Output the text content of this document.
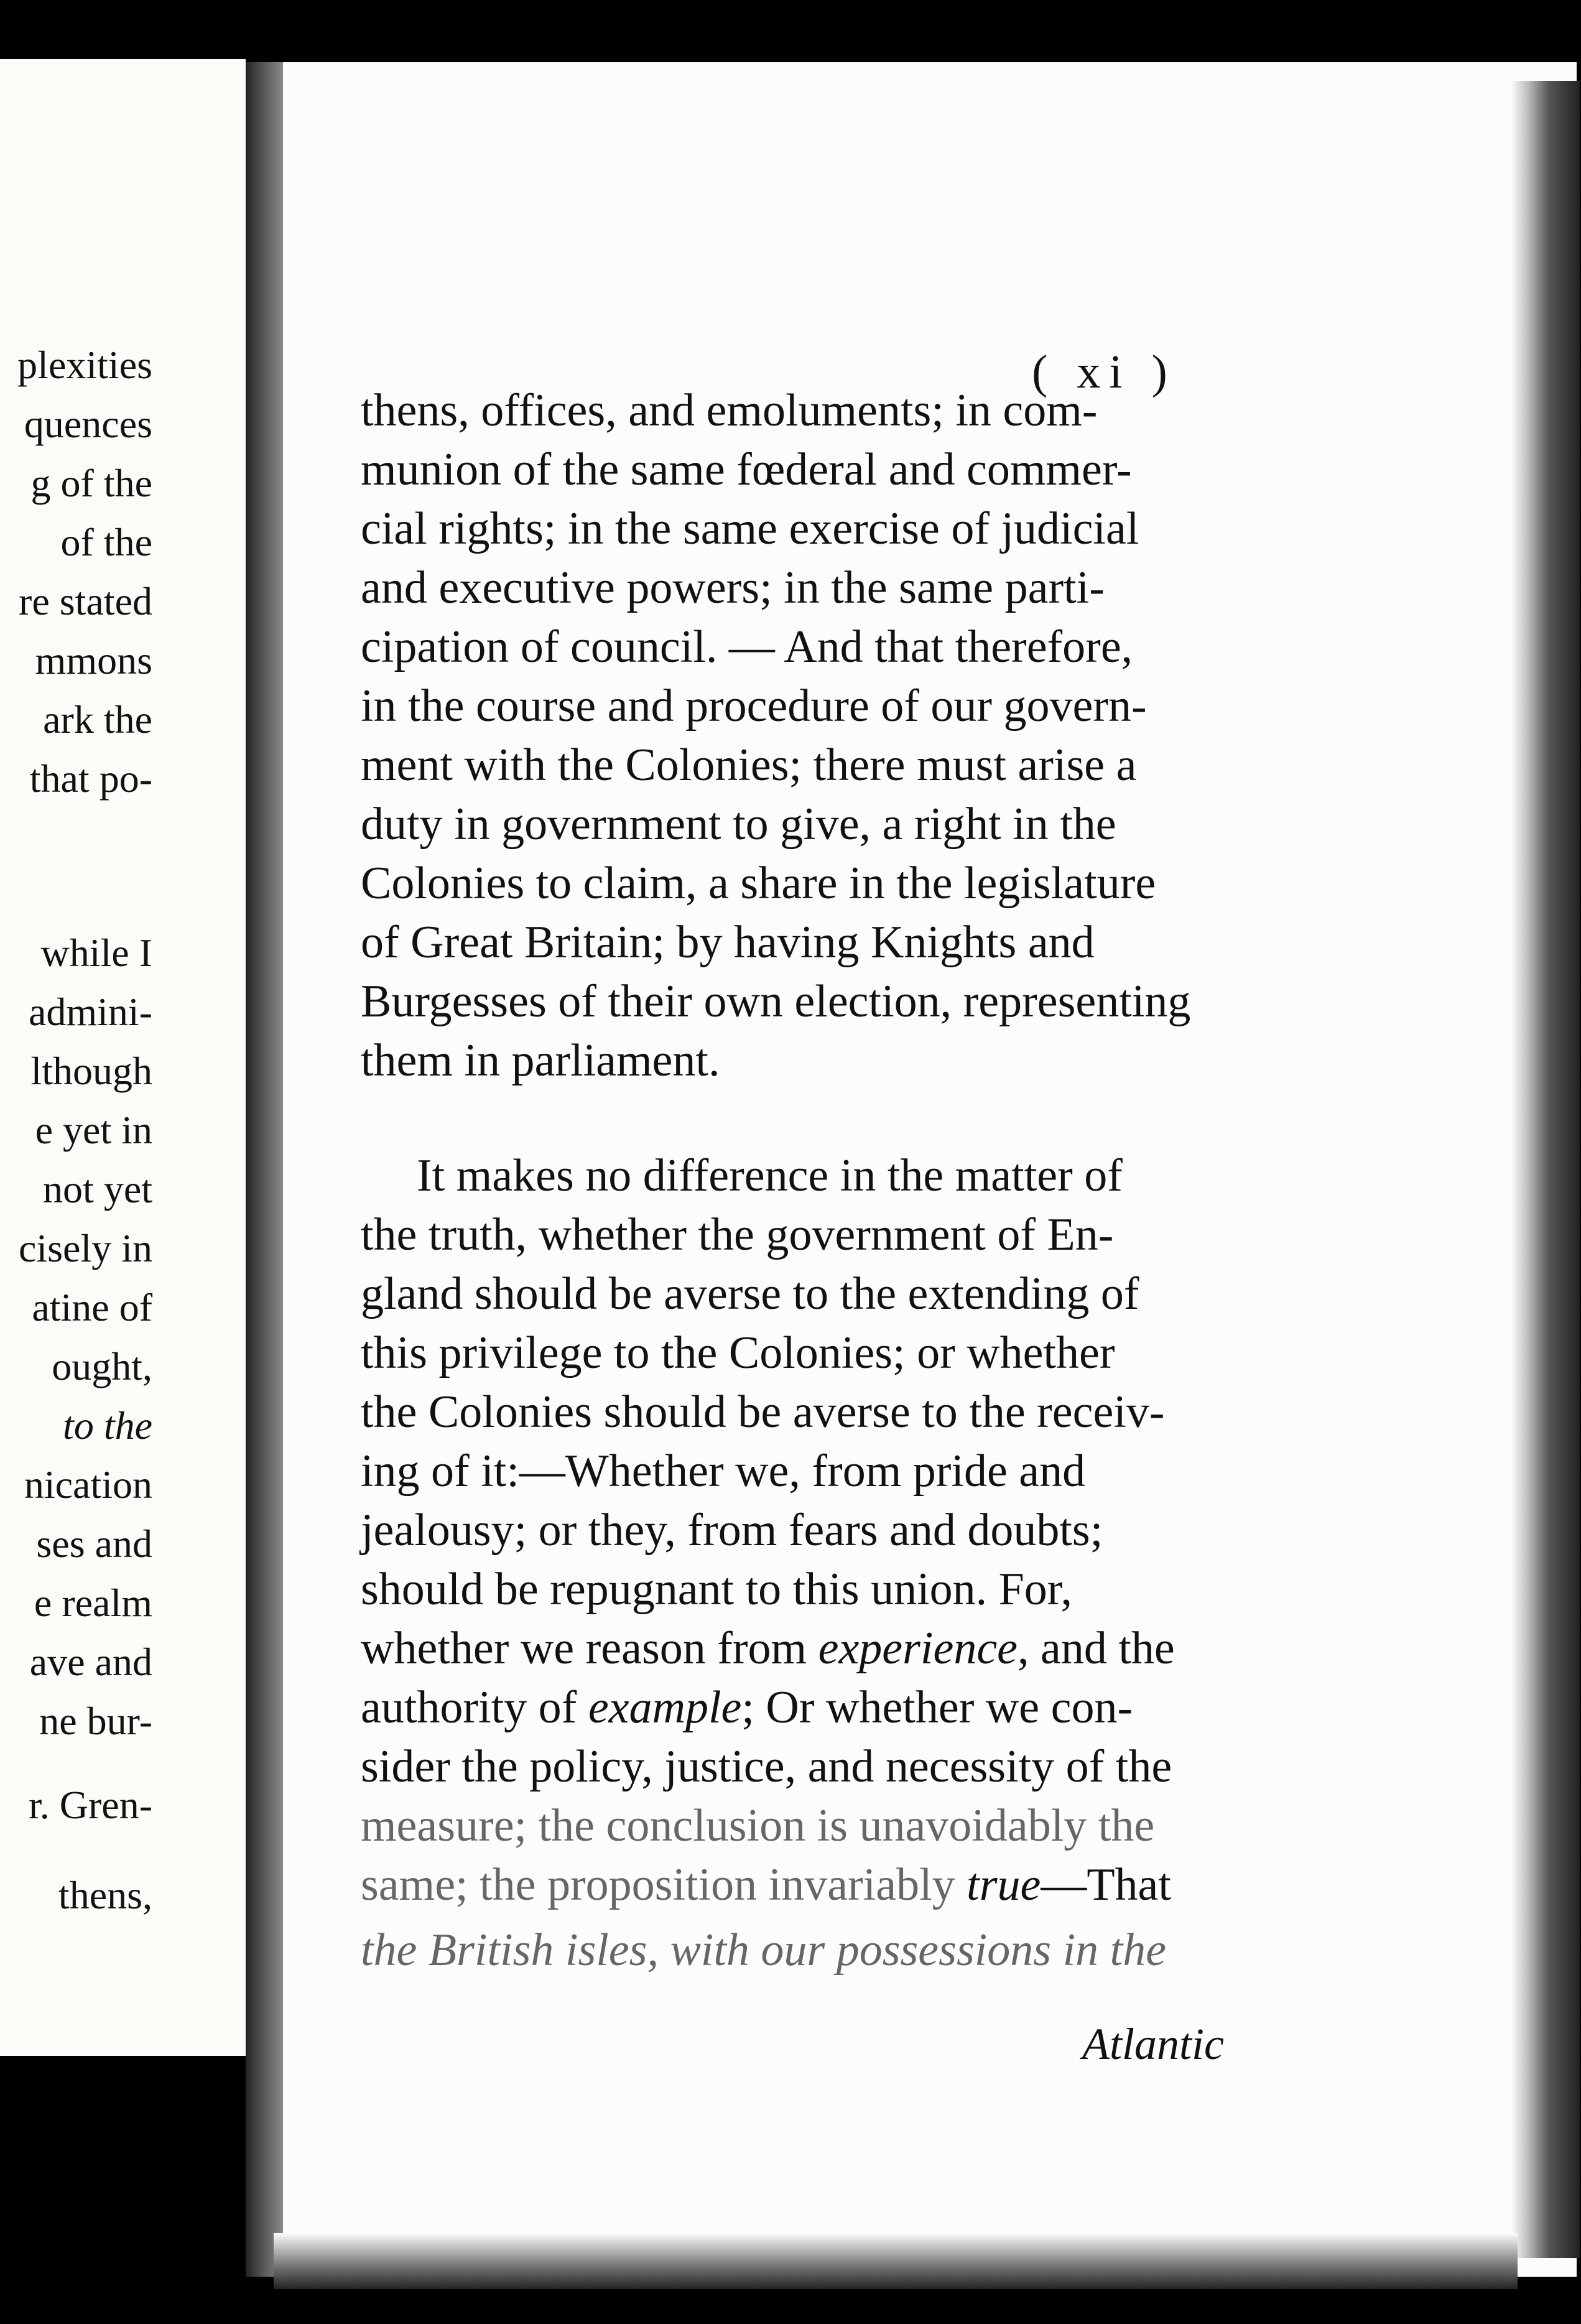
plexities
quences
g of the
of the
re stated
mmons
ark the
that po-
while I
admini-
lthough
e yet in
not yet
cisely in
atine of
ought,
to the
nication
ses and
e realm
ave and
ne bur-
r. Gren-
thens,
( xi )
thens, offices, and emoluments; in com-
munion of the same fœderal and commer-
cial rights; in the same exercise of judicial
and executive powers; in the same parti-
cipation of council. — And that therefore,
in the course and procedure of our govern-
ment with the Colonies; there must arise a
duty in government to give, a right in the
Colonies to claim, a share in the legislature
of Great Britain; by having Knights and
Burgesses of their own election, representing
them in parliament.
It makes no difference in the matter of
the truth, whether the government of En-
gland should be averse to the extending of
this privilege to the Colonies; or whether
the Colonies should be averse to the receiv-
ing of it:—Whether we, from pride and
jealousy; or they, from fears and doubts;
should be repugnant to this union. For,
whether we reason from experience, and the
authority of example; Or whether we con-
sider the policy, justice, and necessity of the
measure; the conclusion is unavoidably the
same; the proposition invariably true—That
the British isles, with our possessions in the
Atlantic
